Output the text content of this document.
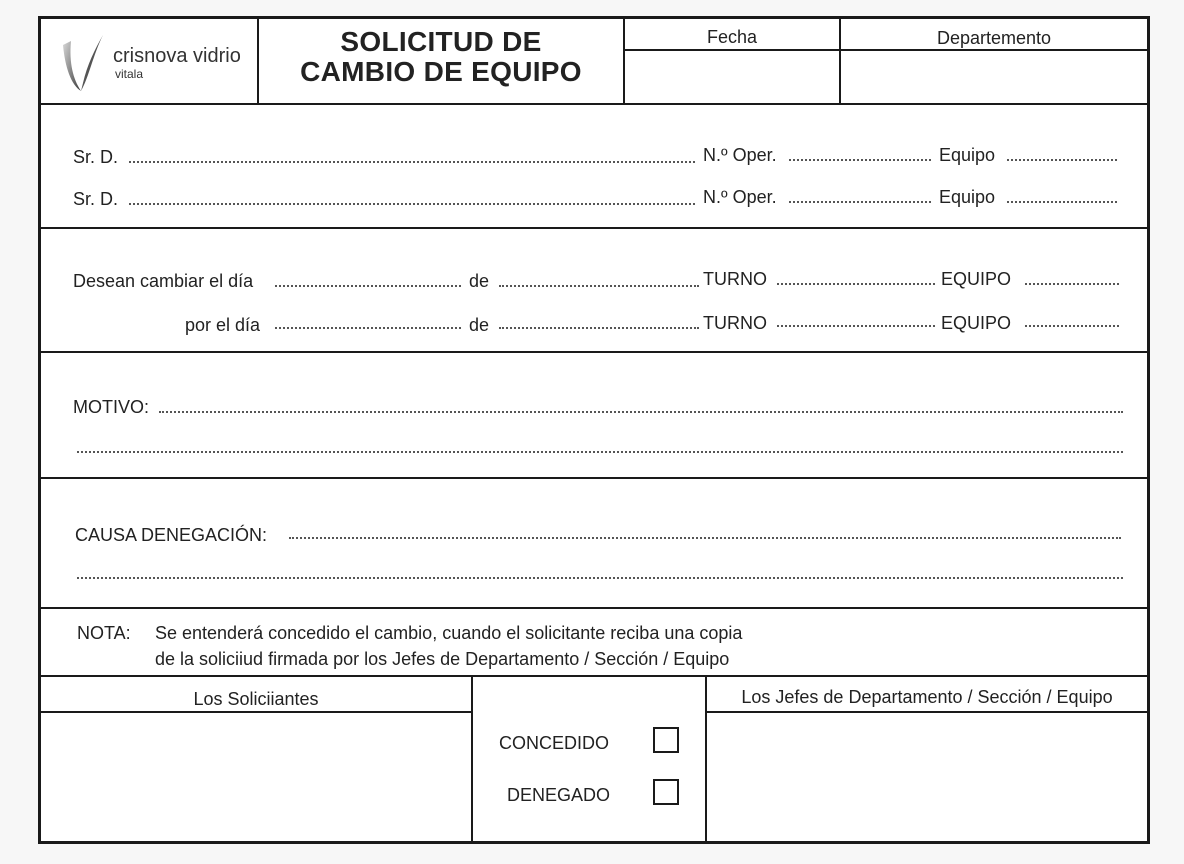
crisnova vidrio
vitala
SOLICITUD DE
CAMBIO DE EQUIPO
Fecha	Departemento
Sr. D.	N.º Oper.	Equipo
Sr. D.	N.º Oper.	Equipo
Desean cambiar el día	de	TURNO	EQUIPO
por el día	de	TURNO	EQUIPO
MOTIVO:
CAUSA DENEGACIÓN:
NOTA: Se entenderá concedido el cambio, cuando el solicitante reciba una copia
de la soliciiud firmada por los Jefes de Departamento / Sección / Equipo
Los Soliciiantes	Los Jefes de Departamento / Sección / Equipo
CONCEDIDO
DENEGADO
